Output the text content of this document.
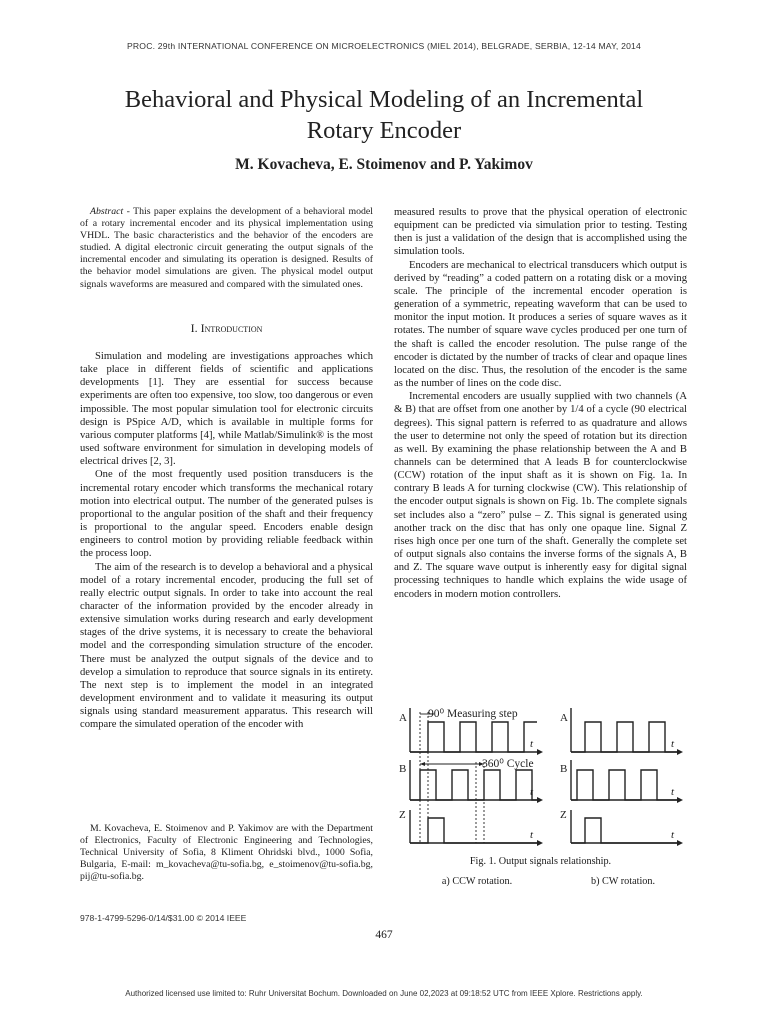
PROC. 29th INTERNATIONAL CONFERENCE ON MICROELECTRONICS (MIEL 2014), BELGRADE, SERBIA, 12-14 MAY, 2014
Behavioral and Physical Modeling of an Incremental
Rotary Encoder
M. Kovacheva, E. Stoimenov and P. Yakimov
Abstract - This paper explains the development of a behavioral model of a rotary incremental encoder and its physical implementation using VHDL. The basic characteristics and the behavior of the encoders are studied. A digital electronic circuit generating the output signals of the incremental encoder and simulating its operation is designed. Results of the behavior model simulations are given. The physical model output signals waveforms are measured and compared with the simulated ones.
I. Introduction

Simulation and modeling are investigations approaches which take place in different fields of scientific and applications developments [1]. They are essential for success because experiments are often too expensive, too slow, too dangerous or even impossible. The most popular simulation tool for electronic circuits design is PSpice A/D, which is available in multiple forms for various computer platforms [4], while Matlab/Simulink® is the most used software environment for simulation in developing models of electrical drives [2, 3].

One of the most frequently used position transducers is the incremental rotary encoder which transforms the mechanical rotary motion into electrical output. The number of the generated pulses is proportional to the angular position of the shaft and their frequency is proportional to the angular speed. Encoders enable design engineers to control motion by providing reliable feedback within the process loop.

The aim of the research is to develop a behavioral and a physical model of a rotary incremental encoder, producing the full set of really electric output signals. In order to take into account the real character of the information provided by the encoder already in extensive simulation works during research and early development stages of the drive systems, it is necessary to create the behavioral model and the corresponding simulation structure of the encoder. There must be analyzed the output signals of the device and to develop a simulation to reproduce that source signals in its entirety. The next step is to implement the model in an integrated development environment and to validate it measuring its output signals using standard measurement apparatus. This research will compare the simulated operation of the encoder with

M. Kovacheva, E. Stoimenov and P. Yakimov are with the Department of Electronics, Faculty of Electronic Engineering and Technologies, Technical University of Sofia, 8 Kliment Ohridski blvd., 1000 Sofia, Bulgaria, E-mail: m_kovacheva@tu-sofia.bg, e_stoimenov@tu-sofia.bg, pij@tu-sofia.bg.
978-1-4799-5296-0/14/$31.00 © 2014 IEEE

measured results to prove that the physical operation of electronic equipment can be predicted via simulation prior to testing. Testing then is just a validation of the design that is accomplished using the simulation tools.

Encoders are mechanical to electrical transducers which output is derived by “reading” a coded pattern on a rotating disk or a moving scale. The principle of the incremental encoder operation is generation of a symmetric, repeating waveform that can be used to monitor the input motion. It produces a series of square waves as it rotates. The number of square wave cycles produced per one turn of the shaft is called the encoder resolution. The pulse range of the encoder is dictated by the number of tracks of clear and opaque lines located on the disc. Thus, the resolution of the encoder is the same as the number of lines on the code disc.

Incremental encoders are usually supplied with two channels (A & B) that are offset from one another by 1/4 of a cycle (90 electrical degrees). This signal pattern is referred to as quadrature and allows the user to determine not only the speed of rotation but its direction as well. By examining the phase relationship between the A and B channels can be determined that A leads B for counterclockwise (CCW) rotation of the input shaft as it is shown on Fig. 1a. In contrary B leads A for turning clockwise (CW). This relationship of the encoder output signals is shown on Fig. 1b. The complete signals set includes also a “zero” pulse – Z. This signal is generated using another track on the disc that has only one opaque line. Signal Z rises high once per one turn of the shaft. Generally the complete set of output signals also contains the inverse forms of the signals A, B and Z. The square wave output is inherently easy for digital signal processing techniques to handle which explains the wide usage of encoders in modern motion controllers.

A
B
Z
t
t
t
90⁰ Measuring step
360⁰ Cycle
A
B
Z
t
t
t
Fig. 1. Output signals relationship.
a) CCW rotation.	b) CW rotation.
467
Authorized licensed use limited to: Ruhr Universitat Bochum. Downloaded on June 02,2023 at 09:18:52 UTC from IEEE Xplore. Restrictions apply.
